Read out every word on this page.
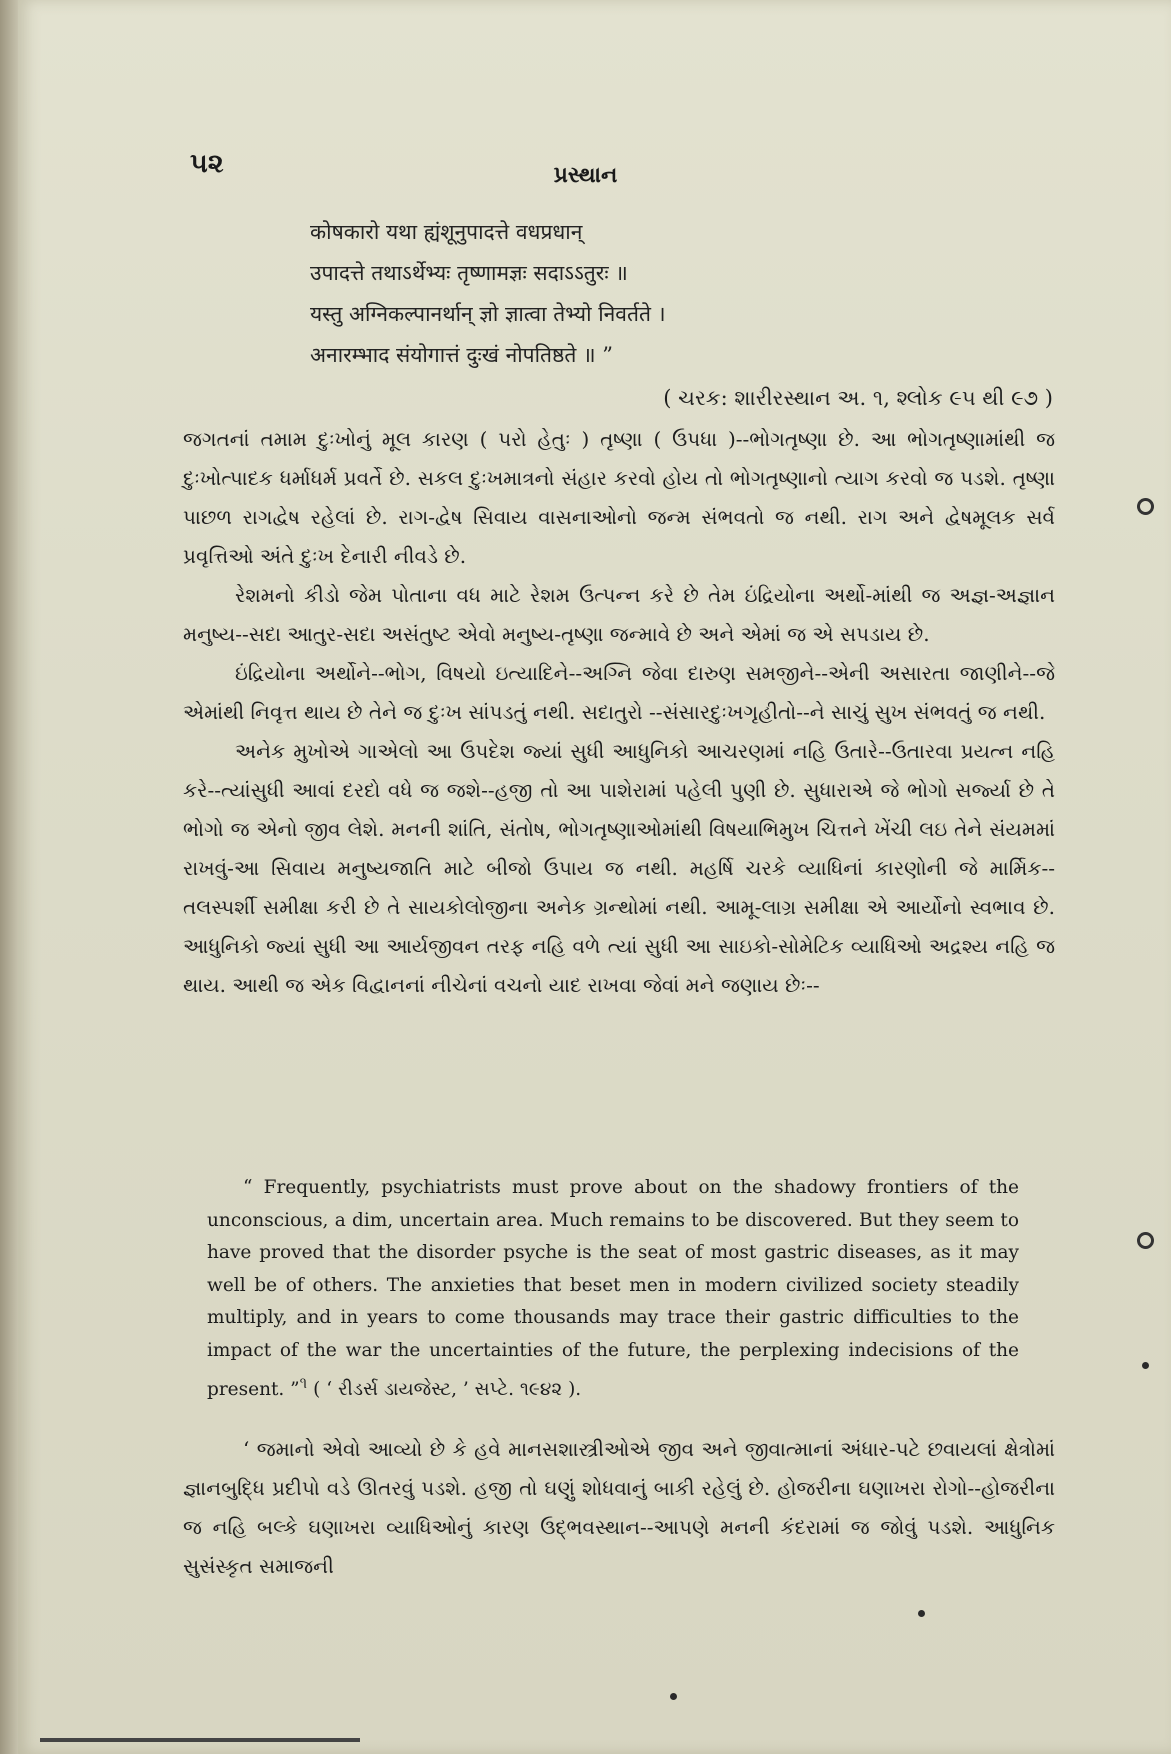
૫૨	પ્રસ્થાન
कोषकारो यथा ह्यंशूनुपादत्ते वधप्रधान्
उपादत्ते तथाऽर्थेभ्यः तृष्णामज्ञः सदाऽऽतुरः ॥
यस्तु अग्निकल्पानर्थान् ज्ञो ज्ञात्वा तेभ्यो निवर्तते ।
अनारम्भाद संयोगात्तं दुःखं नोपतिष्ठते ॥ ”
( ચરક: શારીરસ્થાન અ. ૧, શ્લોક ૯૫ થી ૯૭ )

જગતનાં તમામ દુઃખોનું મૂલ કારણ ( પરો હેતુઃ ) તૃષ્ણા ( ઉપધા )--ભોગતૃષ્ણા છે. આ ભોગતૃષ્ણામાંથી જ દુઃખોત્પાદક ધર્માધર્મ પ્રવર્તે છે. સકલ દુઃખમાત્રનો સંહાર કરવો હોય તો ભોગતૃષ્ણાનો ત્યાગ કરવો જ પડશે. તૃષ્ણા પાછળ રાગદ્વેષ રહેલાં છે. રાગ-દ્વેષ સિવાય વાસનાઓનો જન્મ સંભવતો જ નથી. રાગ અને દ્વેષમૂલક સર્વ પ્રવૃત્તિઓ અંતે દુઃખ દેનારી નીવડે છે.

રેશમનો કીડો જેમ પોતાના વધ માટે રેશમ ઉત્પન્ન કરે છે તેમ ઇંદ્રિયોના અર્થો-માંથી જ અજ્ઞ-અજ્ઞાન મનુષ્ય--સદા આતુર-સદા અસંતુષ્ટ એવો મનુષ્ય-તૃષ્ણા જન્માવે છે અને એમાં જ એ સપડાય છે.

ઇંદ્રિયોના અર્થોને--ભોગ, વિષયો ઇત્યાદિને--અગ્નિ જેવા દારુણ સમજીને--એની અસારતા જાણીને--જે એમાંથી નિવૃત્ત થાય છે તેને જ દુઃખ સાંપડતું નથી. સદાતુરો --સંસારદુઃખગૃહીતો--ને સાચું સુખ સંભવતું જ નથી.

અનેક મુખોએ ગાએલો આ ઉપદેશ જ્યાં સુધી આધુનિકો આચરણમાં નહિ ઉતારે--ઉતારવા પ્રયત્ન નહિ કરે--ત્યાંસુધી આવાં દરદો વધે જ જશે--હજી તો આ પાશેરામાં પહેલી પુણી છે. સુધારાએ જે ભોગો સર્જ્યા છે તે ભોગો જ એનો જીવ લેશે. મનની શાંતિ, સંતોષ, ભોગતૃષ્ણાઓમાંથી વિષયાભિમુખ ચિત્તને ખેંચી લઇ તેને સંયમમાં રાખવું-આ સિવાય મનુષ્યજાતિ માટે બીજો ઉપાય જ નથી. મહર્ષિ ચરકે વ્યાધિનાં કારણોની જે માર્મિક--તલસ્પર્શી સમીક્ષા કરી છે તે સાયકોલોજીના અનેક ગ્રન્થોમાં નથી. આમૂ-લાગ્ર સમીક્ષા એ આર્યોનો સ્વભાવ છે. આધુનિકો જ્યાં સુધી આ આર્યજીવન તરફ નહિ વળે ત્યાં સુધી આ સાઇકો-સોમેટિક વ્યાધિઓ અદ્રશ્ય નહિ જ થાય. આથી જ એક વિદ્વાનનાં નીચેનાં વચનો યાદ રાખવા જેવાં મને જણાય છેઃ--

“ Frequently, psychiatrists must prove about on the shadowy frontiers of the unconscious, a dim, uncertain area. Much remains to be discovered. But they seem to have proved that the disorder psyche is the seat of most gastric diseases, as it may well be of others. The anxieties that beset men in modern civilized society steadily multiply, and in years to come thousands may trace their gastric difficulties to the impact of the war the uncertainties of the future, the perplexing indecisions of the present. ”$^૧$ ( ‘ રીડર્સ ડાયજેસ્ટ, ’ સપ્ટે. ૧૯૪૨ ).

‘ જમાનો એવો આવ્યો છે કે હવે માનસશાસ્ત્રીઓએ જીવ અને જીવાત્માનાં અંધાર-પટે છવાયલાં ક્ષેત્રોમાં જ્ઞાનબુદ્ધિ પ્રદીપો વડે ઊતરવું પડશે. હજી તો ઘણું શોધવાનું બાકી રહેલું છે. હોજરીના ઘણાખરા રોગો--હોજરીના જ નહિ બલ્કે ઘણાખરા વ્યાધિઓનું કારણ ઉદ્ભવસ્થાન--આપણે મનની કંદરામાં જ જોવું પડશે. આધુનિક સુસંસ્કૃત સમાજની
